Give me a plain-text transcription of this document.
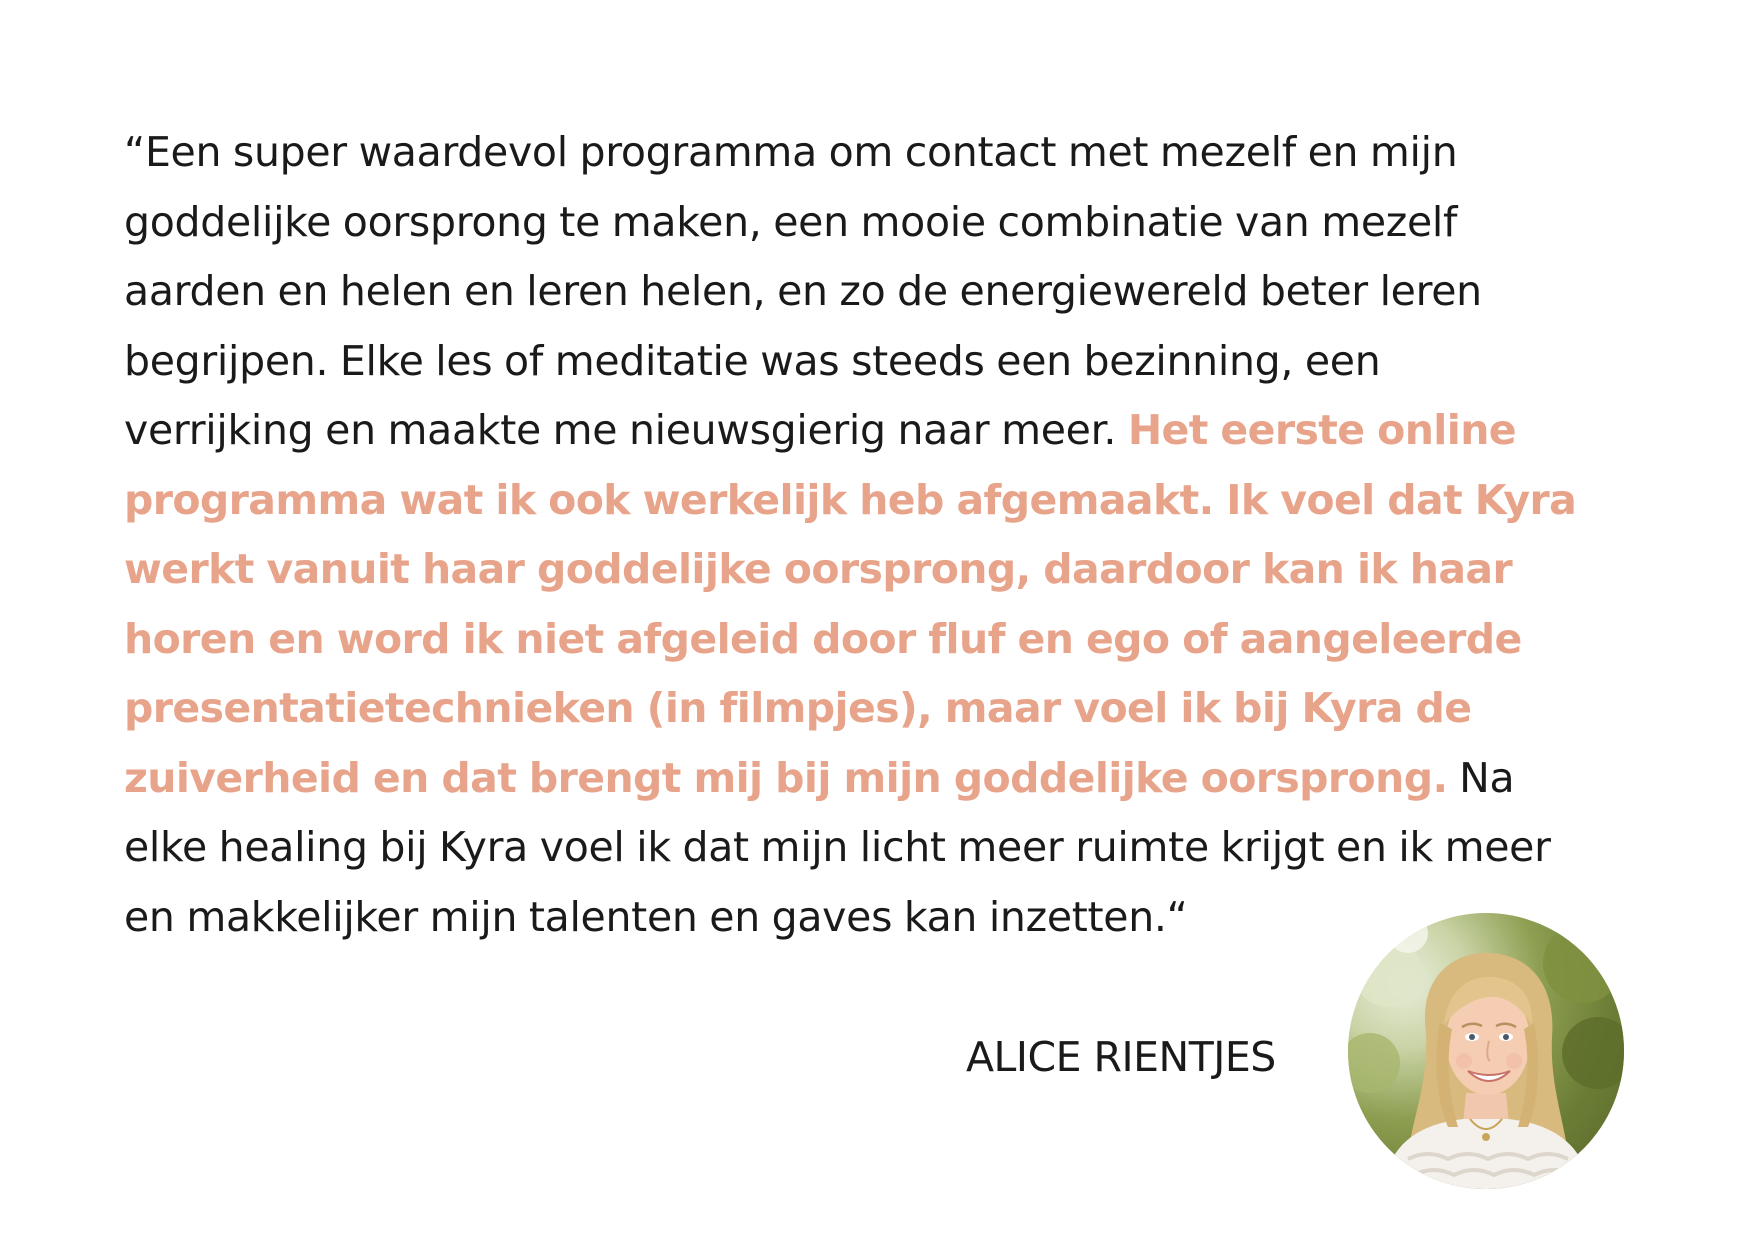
“Een super waardevol programma om contact met mezelf en mijn
goddelijke oorsprong te maken, een mooie combinatie van mezelf
aarden en helen en leren helen, en zo de energiewereld beter leren
begrijpen. Elke les of meditatie was steeds een bezinning, een
verrijking en maakte me nieuwsgierig naar meer. Het eerste online
programma wat ik ook werkelijk heb afgemaakt. Ik voel dat Kyra
werkt vanuit haar goddelijke oorsprong, daardoor kan ik haar
horen en word ik niet afgeleid door fluf en ego of aangeleerde
presentatietechnieken (in filmpjes), maar voel ik bij Kyra de
zuiverheid en dat brengt mij bij mijn goddelijke oorsprong. Na
elke healing bij Kyra voel ik dat mijn licht meer ruimte krijgt en ik meer
en makkelijker mijn talenten en gaves kan inzetten.“
ALICE RIENTJES
